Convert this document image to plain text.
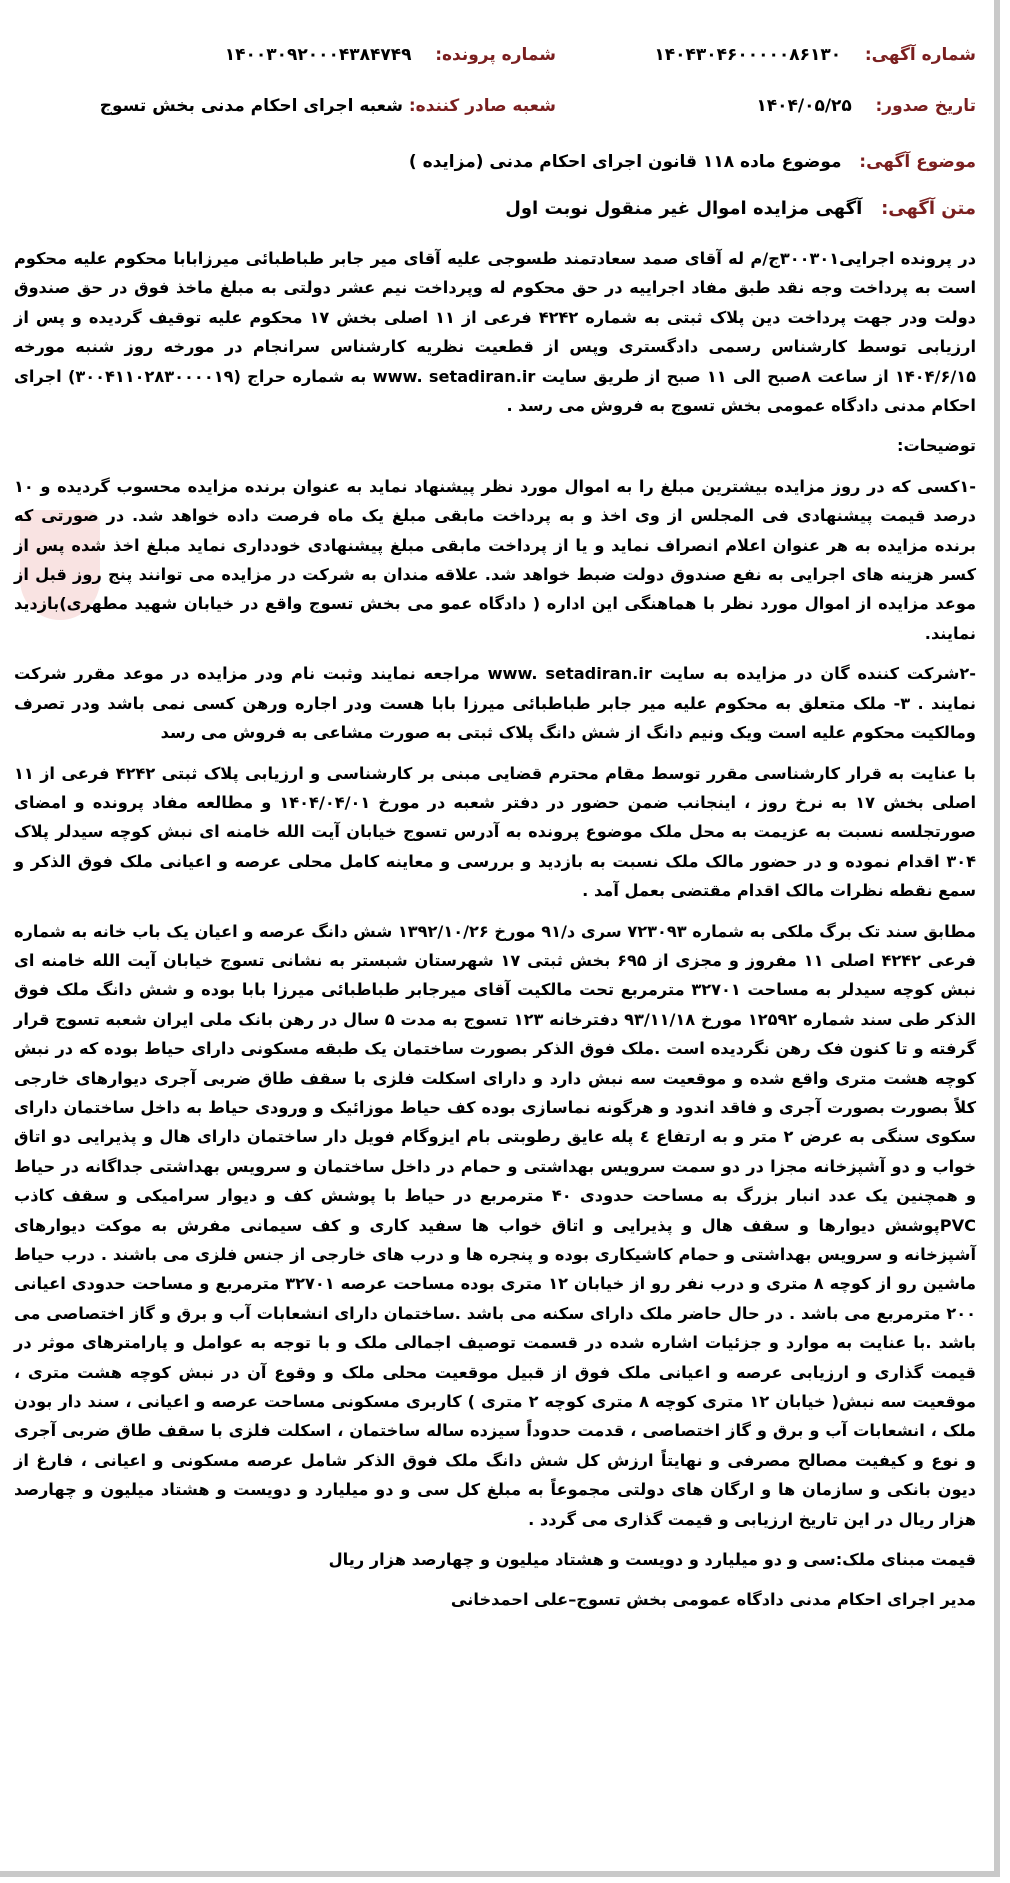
شماره آگهی:    ۱۴۰۴۳۰۴۶۰۰۰۰۰۸۶۱۳۰
شماره پرونده:    ۱۴۰۰۳۰۹۲۰۰۰۴۳۸۴۷۴۹
تاریخ صدور:    ۱۴۰۴/۰۵/۲۵
شعبه صادر کننده: شعبه اجرای احکام مدنی بخش تسوج
موضوع آگهی:   موضوع ماده ۱۱۸ قانون اجرای احکام مدنی (مزایده )
متن آگهی:   آگهی مزایده اموال غیر منقول نوبت اول

در پرونده اجرایی۳۰۰۳۰۱ج/م له آقای صمد سعادتمند طسوجی علیه آقای میر جابر طباطبائی میرزابابا محکوم علیه محکوم است به پرداخت وجه نقد طبق مفاد اجراییه در حق محکوم له وپرداخت نیم عشر دولتی به مبلغ ماخذ فوق در حق صندوق دولت ودر جهت پرداخت دین پلاک ثبتی به شماره ۴۲۴۲ فرعی از ۱۱ اصلی بخش ۱۷ محکوم علیه توقیف گردیده و پس از ارزیابی توسط کارشناس رسمی دادگستری وپس از قطعیت نظریه کارشناس سرانجام در مورخه روز شنبه مورخه ۱۴۰۴/۶/۱۵ از ساعت ۸صبح الی ۱۱ صبح از طریق سایت www. setadiran.ir به شماره حراج (۳۰۰۴۱۱۰۲۸۳۰۰۰۰۱۹) اجرای احکام مدنی دادگاه عمومی بخش تسوج به فروش می رسد .

توضیحات:

-۱کسی که در روز مزایده بیشترین مبلغ را به اموال مورد نظر پیشنهاد نماید به عنوان برنده مزایده محسوب گردیده و ۱۰ درصد قیمت پیشنهادی فی المجلس از وی اخذ و به پرداخت مابقی مبلغ یک ماه فرصت داده خواهد شد. در صورتی که برنده مزایده به هر عنوان اعلام انصراف نماید و یا از پرداخت مابقی مبلغ پیشنهادی خودداری نماید مبلغ اخذ شده پس از کسر هزینه های اجرایی به نفع صندوق دولت ضبط خواهد شد. علاقه مندان به شرکت در مزایده می توانند پنج روز قبل از موعد مزایده از اموال مورد نظر با هماهنگی این اداره ( دادگاه عمو می بخش تسوج واقع در خیابان شهید مطهری)بازدید نمایند.

-۲شرکت کننده گان در مزایده به سایت www. setadiran.ir مراجعه نمایند وثبت نام ودر مزایده در موعد مقرر شرکت نمایند . ۳- ملک متعلق به محکوم علیه میر جابر طباطبائی میرزا بابا هست ودر اجاره ورهن کسی نمی باشد ودر تصرف ومالکیت محکوم علیه است ویک ونیم دانگ از شش دانگ پلاک ثبتی به صورت مشاعی به فروش می رسد

با عنایت به قرار کارشناسی مقرر توسط مقام محترم قضایی مبنی بر کارشناسی و ارزیابی پلاک ثبتی ۴۲۴۲ فرعی از ۱۱ اصلی بخش ۱۷ به نرخ روز ، اینجانب ضمن حضور در دفتر شعبه در مورخ ۱۴۰۴/۰۴/۰۱ و مطالعه مفاد پرونده و امضای صورتجلسه نسبت به عزیمت به محل ملک موضوع پرونده به آدرس تسوج خیابان آیت الله خامنه ای نبش کوچه سیدلر پلاک ۳۰۴ اقدام نموده و در حضور مالک ملک نسبت به بازدید و بررسی و معاینه کامل محلی عرصه و اعیانی ملک فوق الذکر و سمع نقطه نظرات مالک اقدام مقتضی بعمل آمد .

مطابق سند تک برگ ملکی به شماره ۷۲۳۰۹۳ سری د/۹۱ مورخ ۱۳۹۲/۱۰/۲۶ شش دانگ عرصه و اعیان یک باب خانه به شماره فرعی ۴۲۴۲ اصلی ۱۱ مفروز و مجزی از ۶۹۵ بخش ثبتی ۱۷ شهرستان شبستر به نشانی تسوج خیابان آیت الله خامنه ای نبش کوچه سیدلر به مساحت ۳۲۷۰۱ مترمربع تحت مالکیت آقای میرجابر طباطبائی میرزا بابا بوده و شش دانگ ملک فوق الذکر طی سند شماره ۱۲۵۹۲ مورخ ۹۳/۱۱/۱۸ دفترخانه ۱۲۳ تسوج به مدت ۵ سال در رهن بانک ملی ایران شعبه تسوج قرار گرفته و تا کنون فک رهن نگردیده است .ملک فوق الذکر بصورت ساختمان یک طبقه مسکونی دارای حیاط بوده که در نبش کوچه هشت متری واقع شده و موقعیت سه نبش دارد و دارای اسکلت فلزی با سقف طاق ضربی آجری دیوارهای خارجی کلاً بصورت بصورت آجری و فاقد اندود و هرگونه نماسازی بوده کف حیاط موزائیک و ورودی حیاط به داخل ساختمان دارای سکوی سنگی به عرض ۲ متر و به ارتفاع ٤ پله عایق رطوبتی بام ایزوگام فویل دار ساختمان دارای هال و پذیرایی دو اتاق خواب و دو آشپزخانه مجزا در دو سمت سرویس بهداشتی و حمام در داخل ساختمان و سرویس بهداشتی جداگانه در حیاط و همچنین یک عدد انبار بزرگ به مساحت حدودی ۴۰ مترمربع در حیاط با پوشش کف و دیوار سرامیکی و سقف کاذب PVCپوشش دیوارها و سقف هال و پذیرایی و اتاق خواب ها سفید کاری و کف سیمانی مفرش به موکت دیوارهای آشپزخانه و سرویس بهداشتی و حمام کاشیکاری بوده و پنجره ها و درب های خارجی از جنس فلزی می باشند . درب حیاط ماشین رو از کوچه ۸ متری و درب نفر رو از خیابان ۱۲ متری بوده مساحت عرصه ۳۲۷۰۱ مترمربع و مساحت حدودی اعیانی ۲۰۰ مترمربع می باشد . در حال حاضر ملک دارای سکنه می باشد .ساختمان دارای انشعابات آب و برق و گاز اختصاصی می باشد .با عنایت به موارد و جزئیات اشاره شده در قسمت توصیف اجمالی ملک و با توجه به عوامل و پارامترهای موثر در قیمت گذاری و ارزیابی عرصه و اعیانی ملک فوق از قبیل موقعیت محلی ملک و وقوع آن در نبش کوچه هشت متری ، موقعیت سه نبش( خیابان ۱۲ متری کوچه ۸ متری کوچه ۲ متری ) کاربری مسکونی مساحت عرصه و اعیانی ، سند دار بودن ملک ، انشعابات آب و برق و گاز اختصاصی ، قدمت حدوداً سیزده ساله ساختمان ، اسکلت فلزی با سقف طاق ضربی آجری و نوع و کیفیت مصالح مصرفی و نهایتاً ارزش کل شش دانگ ملک فوق الذکر شامل عرصه مسکونی و اعیانی ، فارغ از دیون بانکی و سازمان ها و ارگان های دولتی مجموعاً به مبلغ کل سی و دو میلیارد و دویست و هشتاد میلیون و چهارصد هزار ریال در این تاریخ ارزیابی و قیمت گذاری می گردد .

قیمت مبنای ملک:سی و دو میلیارد و دویست و هشتاد میلیون و چهارصد هزار ریال

مدیر اجرای احکام مدنی دادگاه عمومی بخش تسوج–علی احمدخانی
